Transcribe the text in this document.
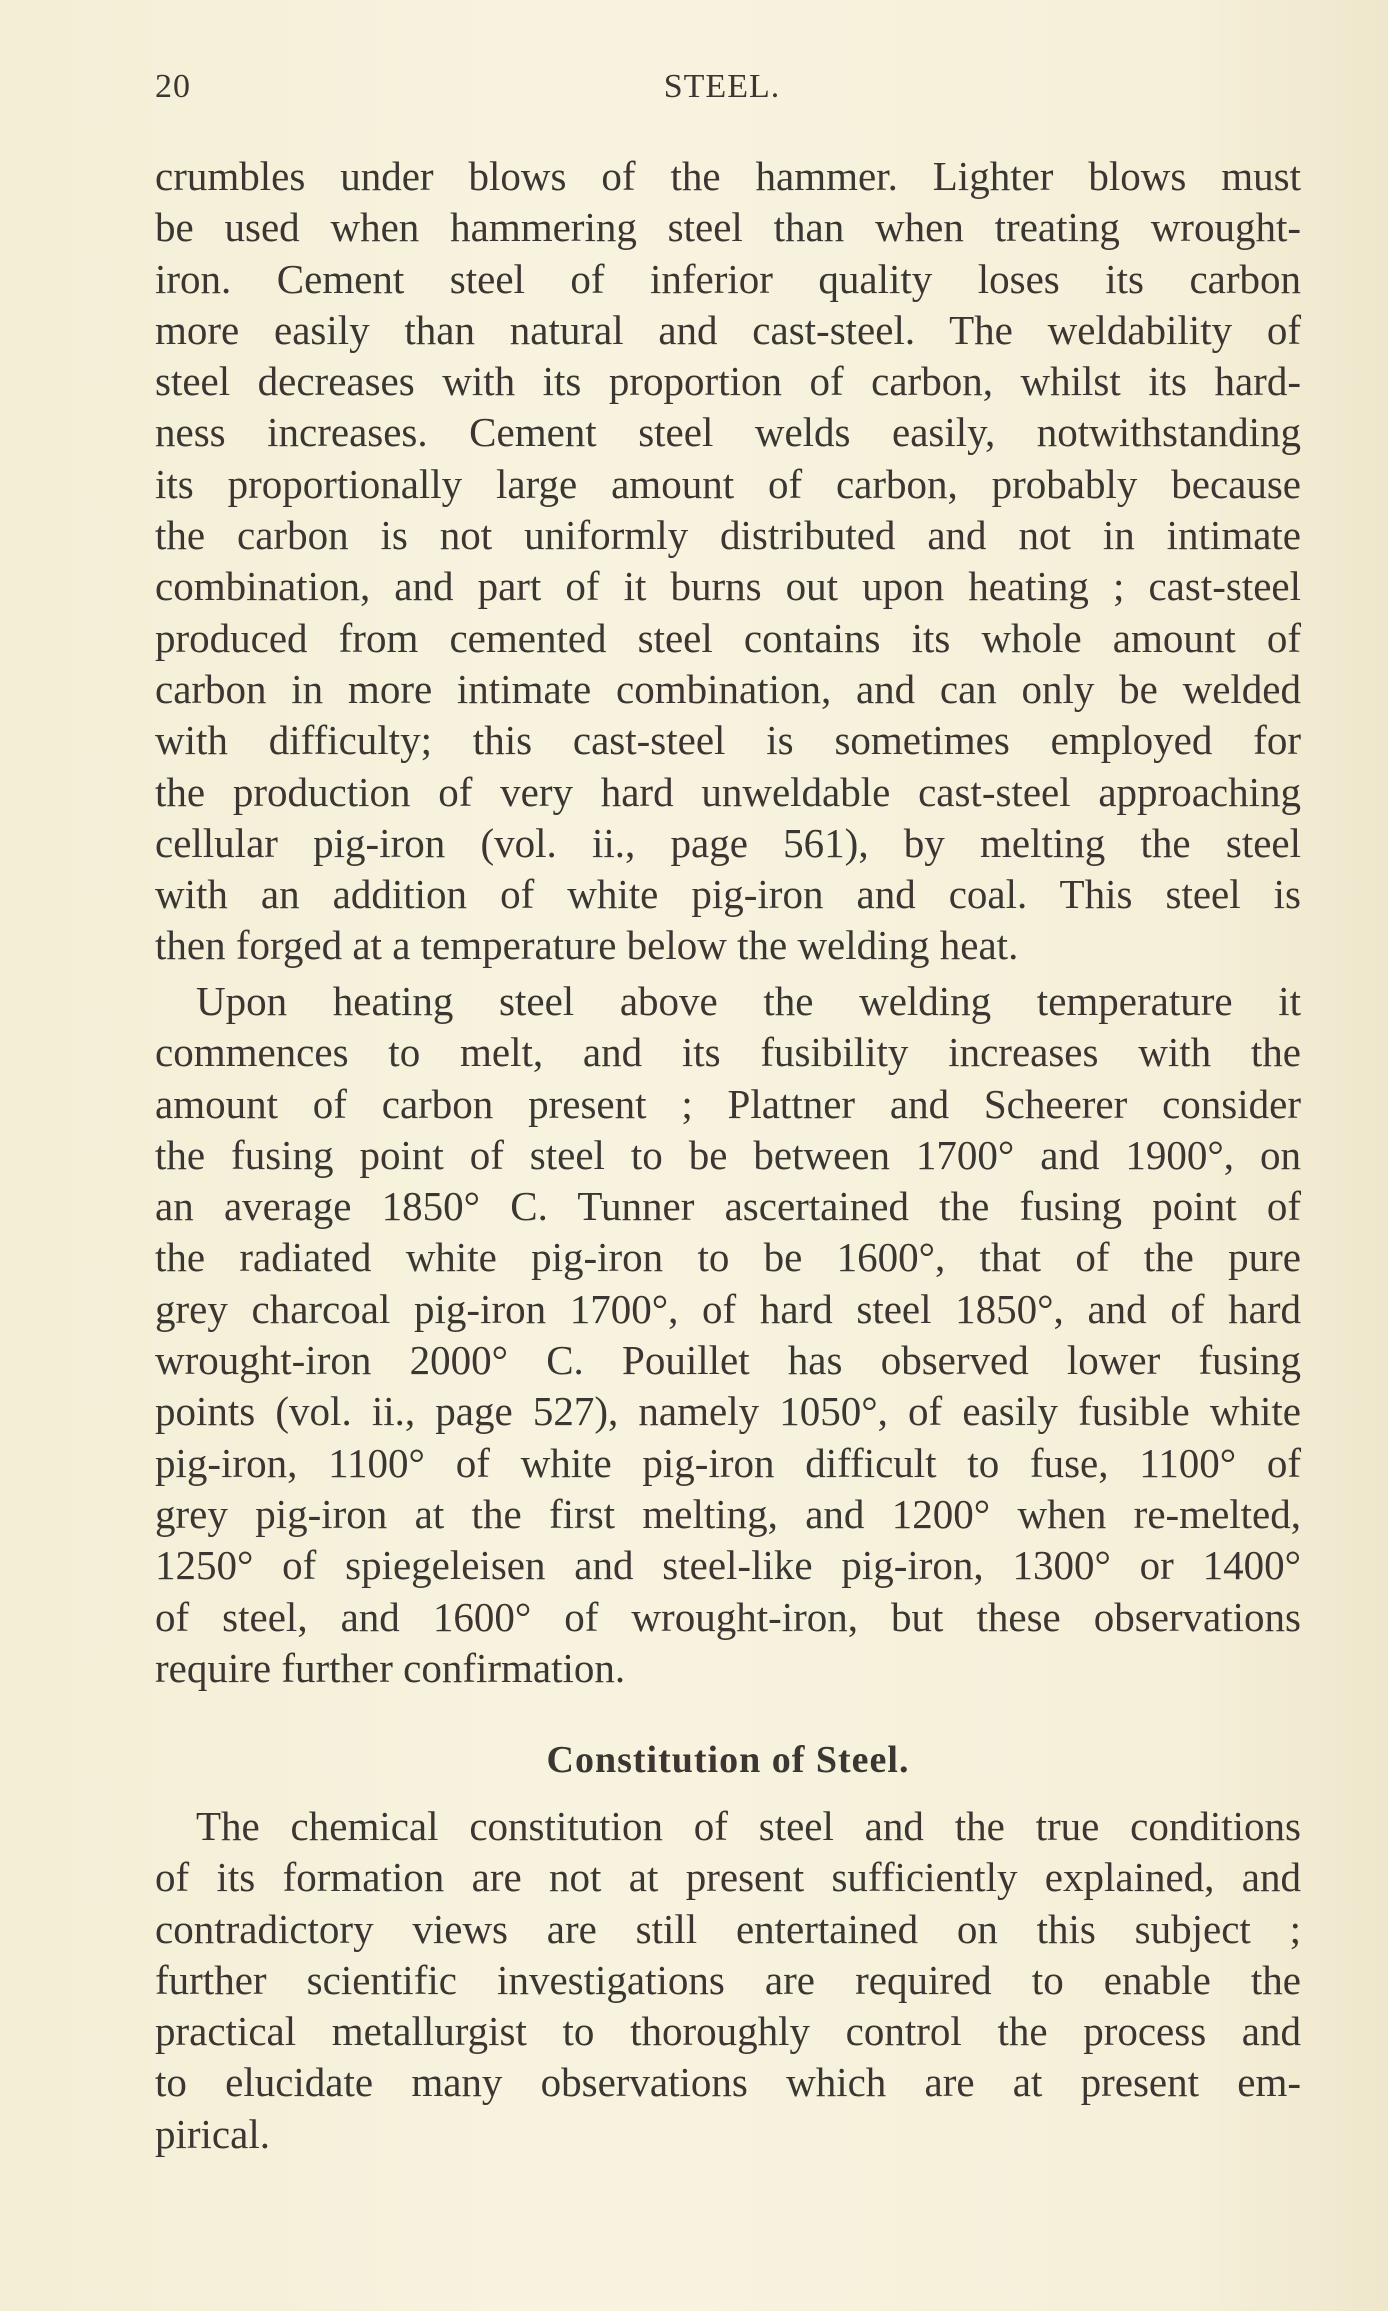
20	STEEL.
crumbles under blows of the hammer. Lighter blows must
be used when hammering steel than when treating wrought-
iron. Cement steel of inferior quality loses its carbon
more easily than natural and cast-steel. The weldability of
steel decreases with its proportion of carbon, whilst its hard-
ness increases. Cement steel welds easily, notwithstanding
its proportionally large amount of carbon, probably because
the carbon is not uniformly distributed and not in intimate
combination, and part of it burns out upon heating ; cast-steel
produced from cemented steel contains its whole amount of
carbon in more intimate combination, and can only be welded
with difficulty; this cast-steel is sometimes employed for
the production of very hard unweldable cast-steel approaching
cellular pig-iron (vol. ii., page 561), by melting the steel
with an addition of white pig-iron and coal. This steel is
then forged at a temperature below the welding heat.
Upon heating steel above the welding temperature it
commences to melt, and its fusibility increases with the
amount of carbon present ; Plattner and Scheerer consider
the fusing point of steel to be between 1700° and 1900°, on
an average 1850° C. Tunner ascertained the fusing point of
the radiated white pig-iron to be 1600°, that of the pure
grey charcoal pig-iron 1700°, of hard steel 1850°, and of hard
wrought-iron 2000° C. Pouillet has observed lower fusing
points (vol. ii., page 527), namely 1050°, of easily fusible white
pig-iron, 1100° of white pig-iron difficult to fuse, 1100° of
grey pig-iron at the first melting, and 1200° when re-melted,
1250° of spiegeleisen and steel-like pig-iron, 1300° or 1400°
of steel, and 1600° of wrought-iron, but these observations
require further confirmation.
Constitution of Steel.
The chemical constitution of steel and the true conditions
of its formation are not at present sufficiently explained, and
contradictory views are still entertained on this subject ;
further scientific investigations are required to enable the
practical metallurgist to thoroughly control the process and
to elucidate many observations which are at present em-
pirical.
